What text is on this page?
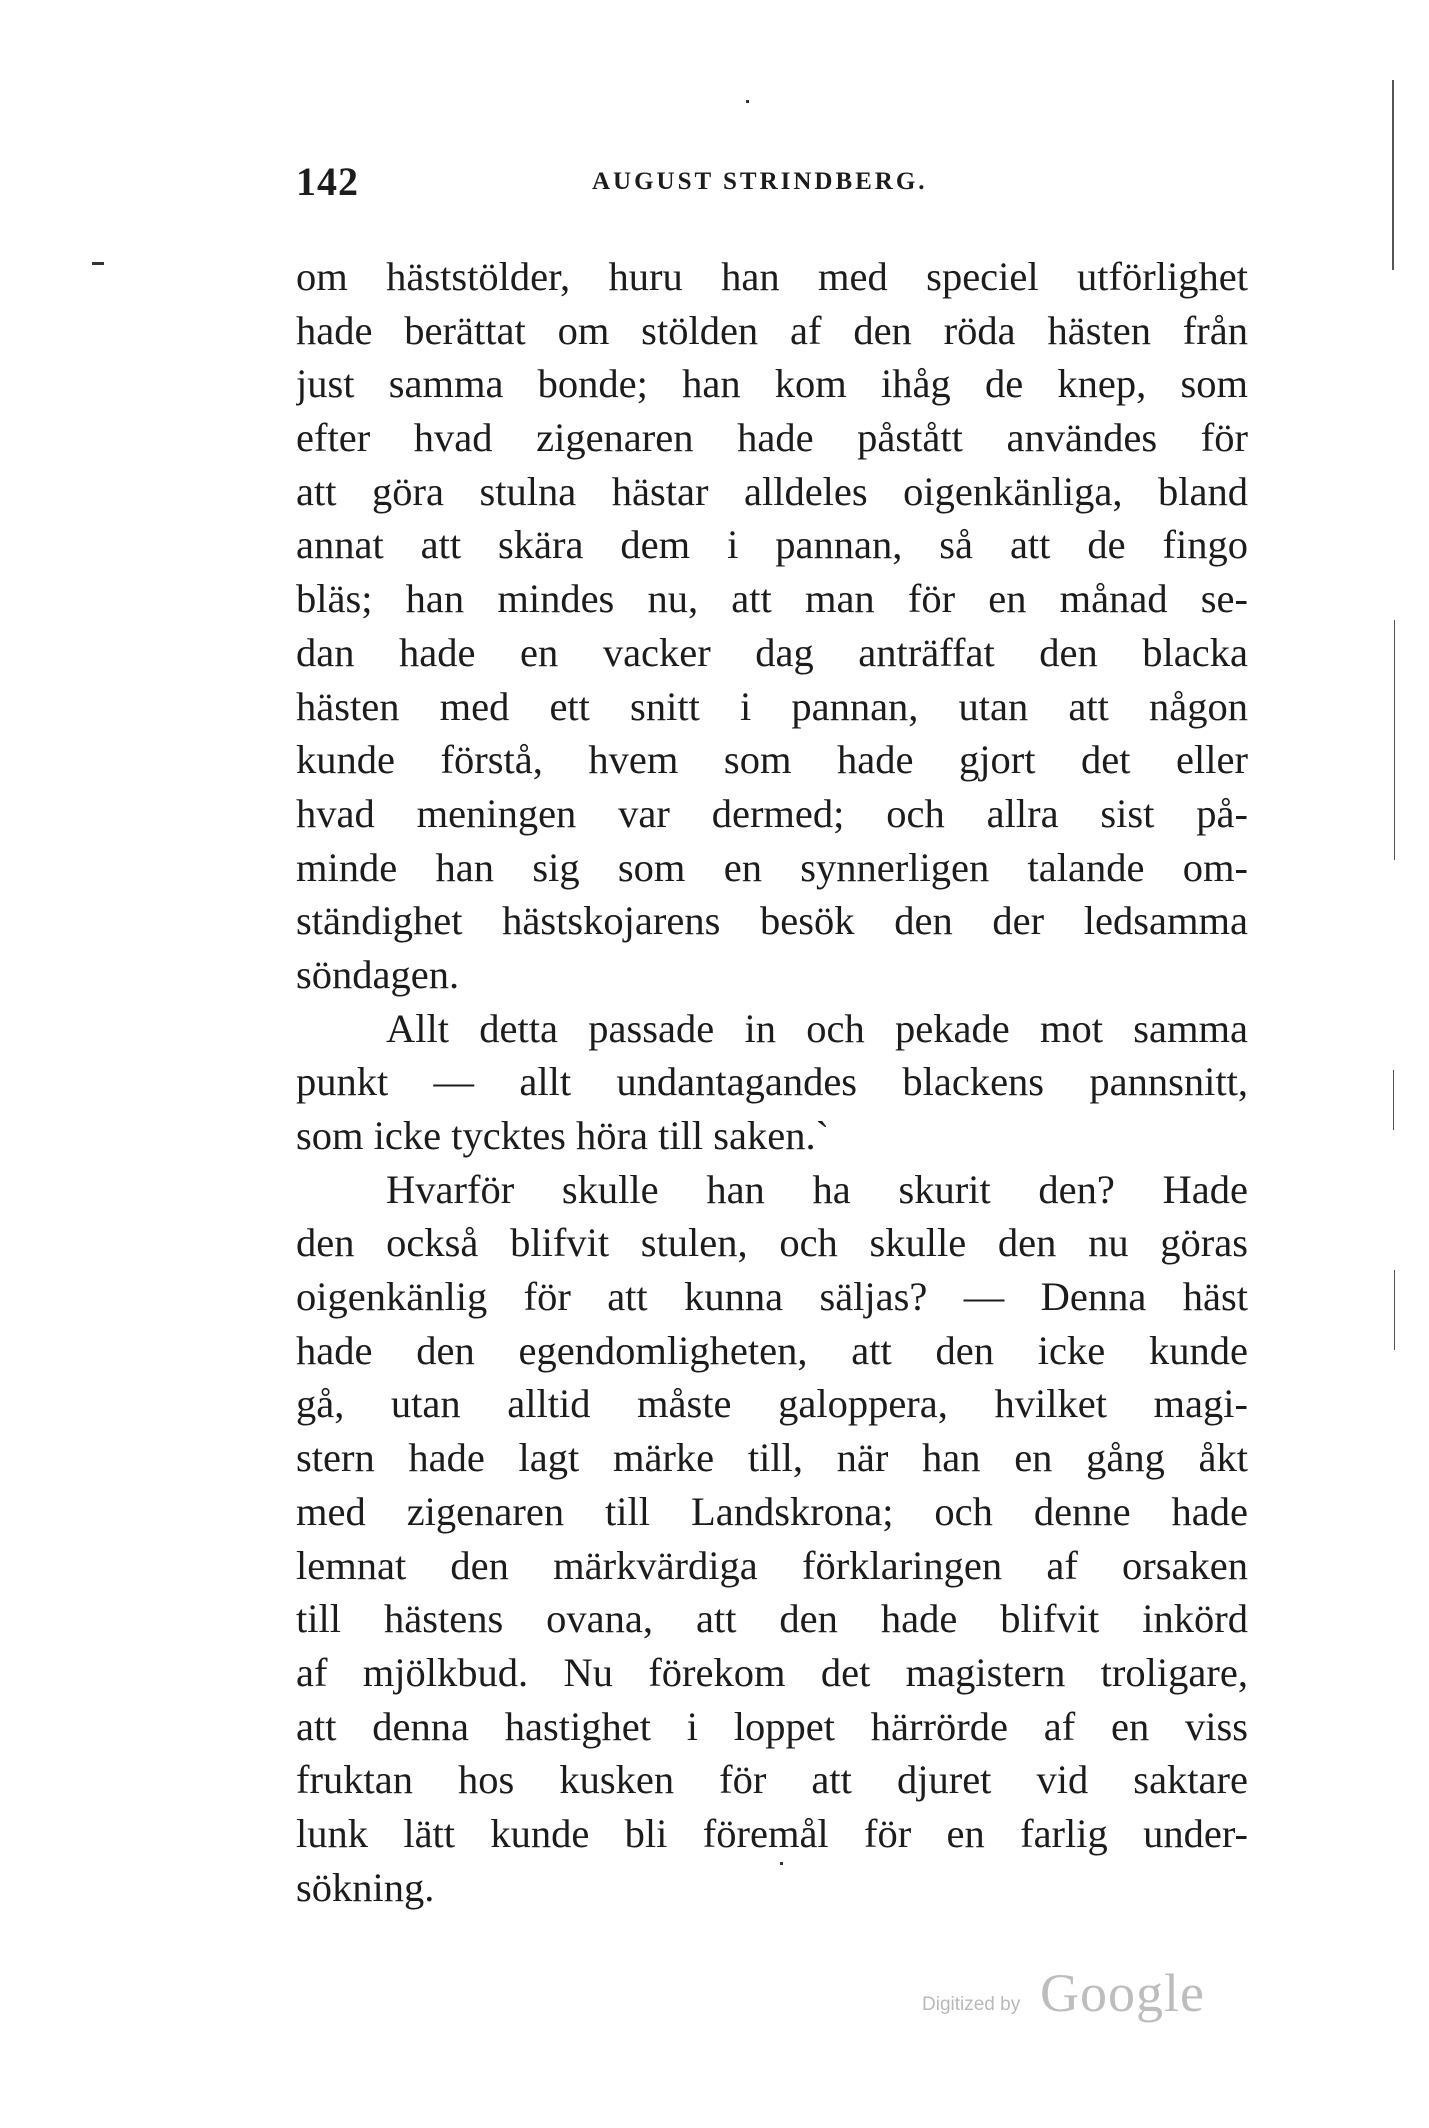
142	AUGUST STRINDBERG.
om häststölder, huru han med speciel utförlighet
hade berättat om stölden af den röda hästen från
just samma bonde; han kom ihåg de knep, som
efter hvad zigenaren hade påstått användes för
att göra stulna hästar alldeles oigenkänliga, bland
annat att skära dem i pannan, så att de fingo
bläs; han mindes nu, att man för en månad se-
dan hade en vacker dag anträffat den blacka
hästen med ett snitt i pannan, utan att någon
kunde förstå, hvem som hade gjort det eller
hvad meningen var dermed; och allra sist på-
minde han sig som en synnerligen talande om-
ständighet hästskojarens besök den der ledsamma
söndagen.
Allt detta passade in och pekade mot samma
punkt — allt undantagandes blackens pannsnitt,
som icke tycktes höra till saken.`
Hvarför skulle han ha skurit den? Hade
den också blifvit stulen, och skulle den nu göras
oigenkänlig för att kunna säljas? — Denna häst
hade den egendomligheten, att den icke kunde
gå, utan alltid måste galoppera, hvilket magi-
stern hade lagt märke till, när han en gång åkt
med zigenaren till Landskrona; och denne hade
lemnat den märkvärdiga förklaringen af orsaken
till hästens ovana, att den hade blifvit inkörd
af mjölkbud. Nu förekom det magistern troligare,
att denna hastighet i loppet härrörde af en viss
fruktan hos kusken för att djuret vid saktare
lunk lätt kunde bli föremål för en farlig under-
sökning.
Digitized by Google
